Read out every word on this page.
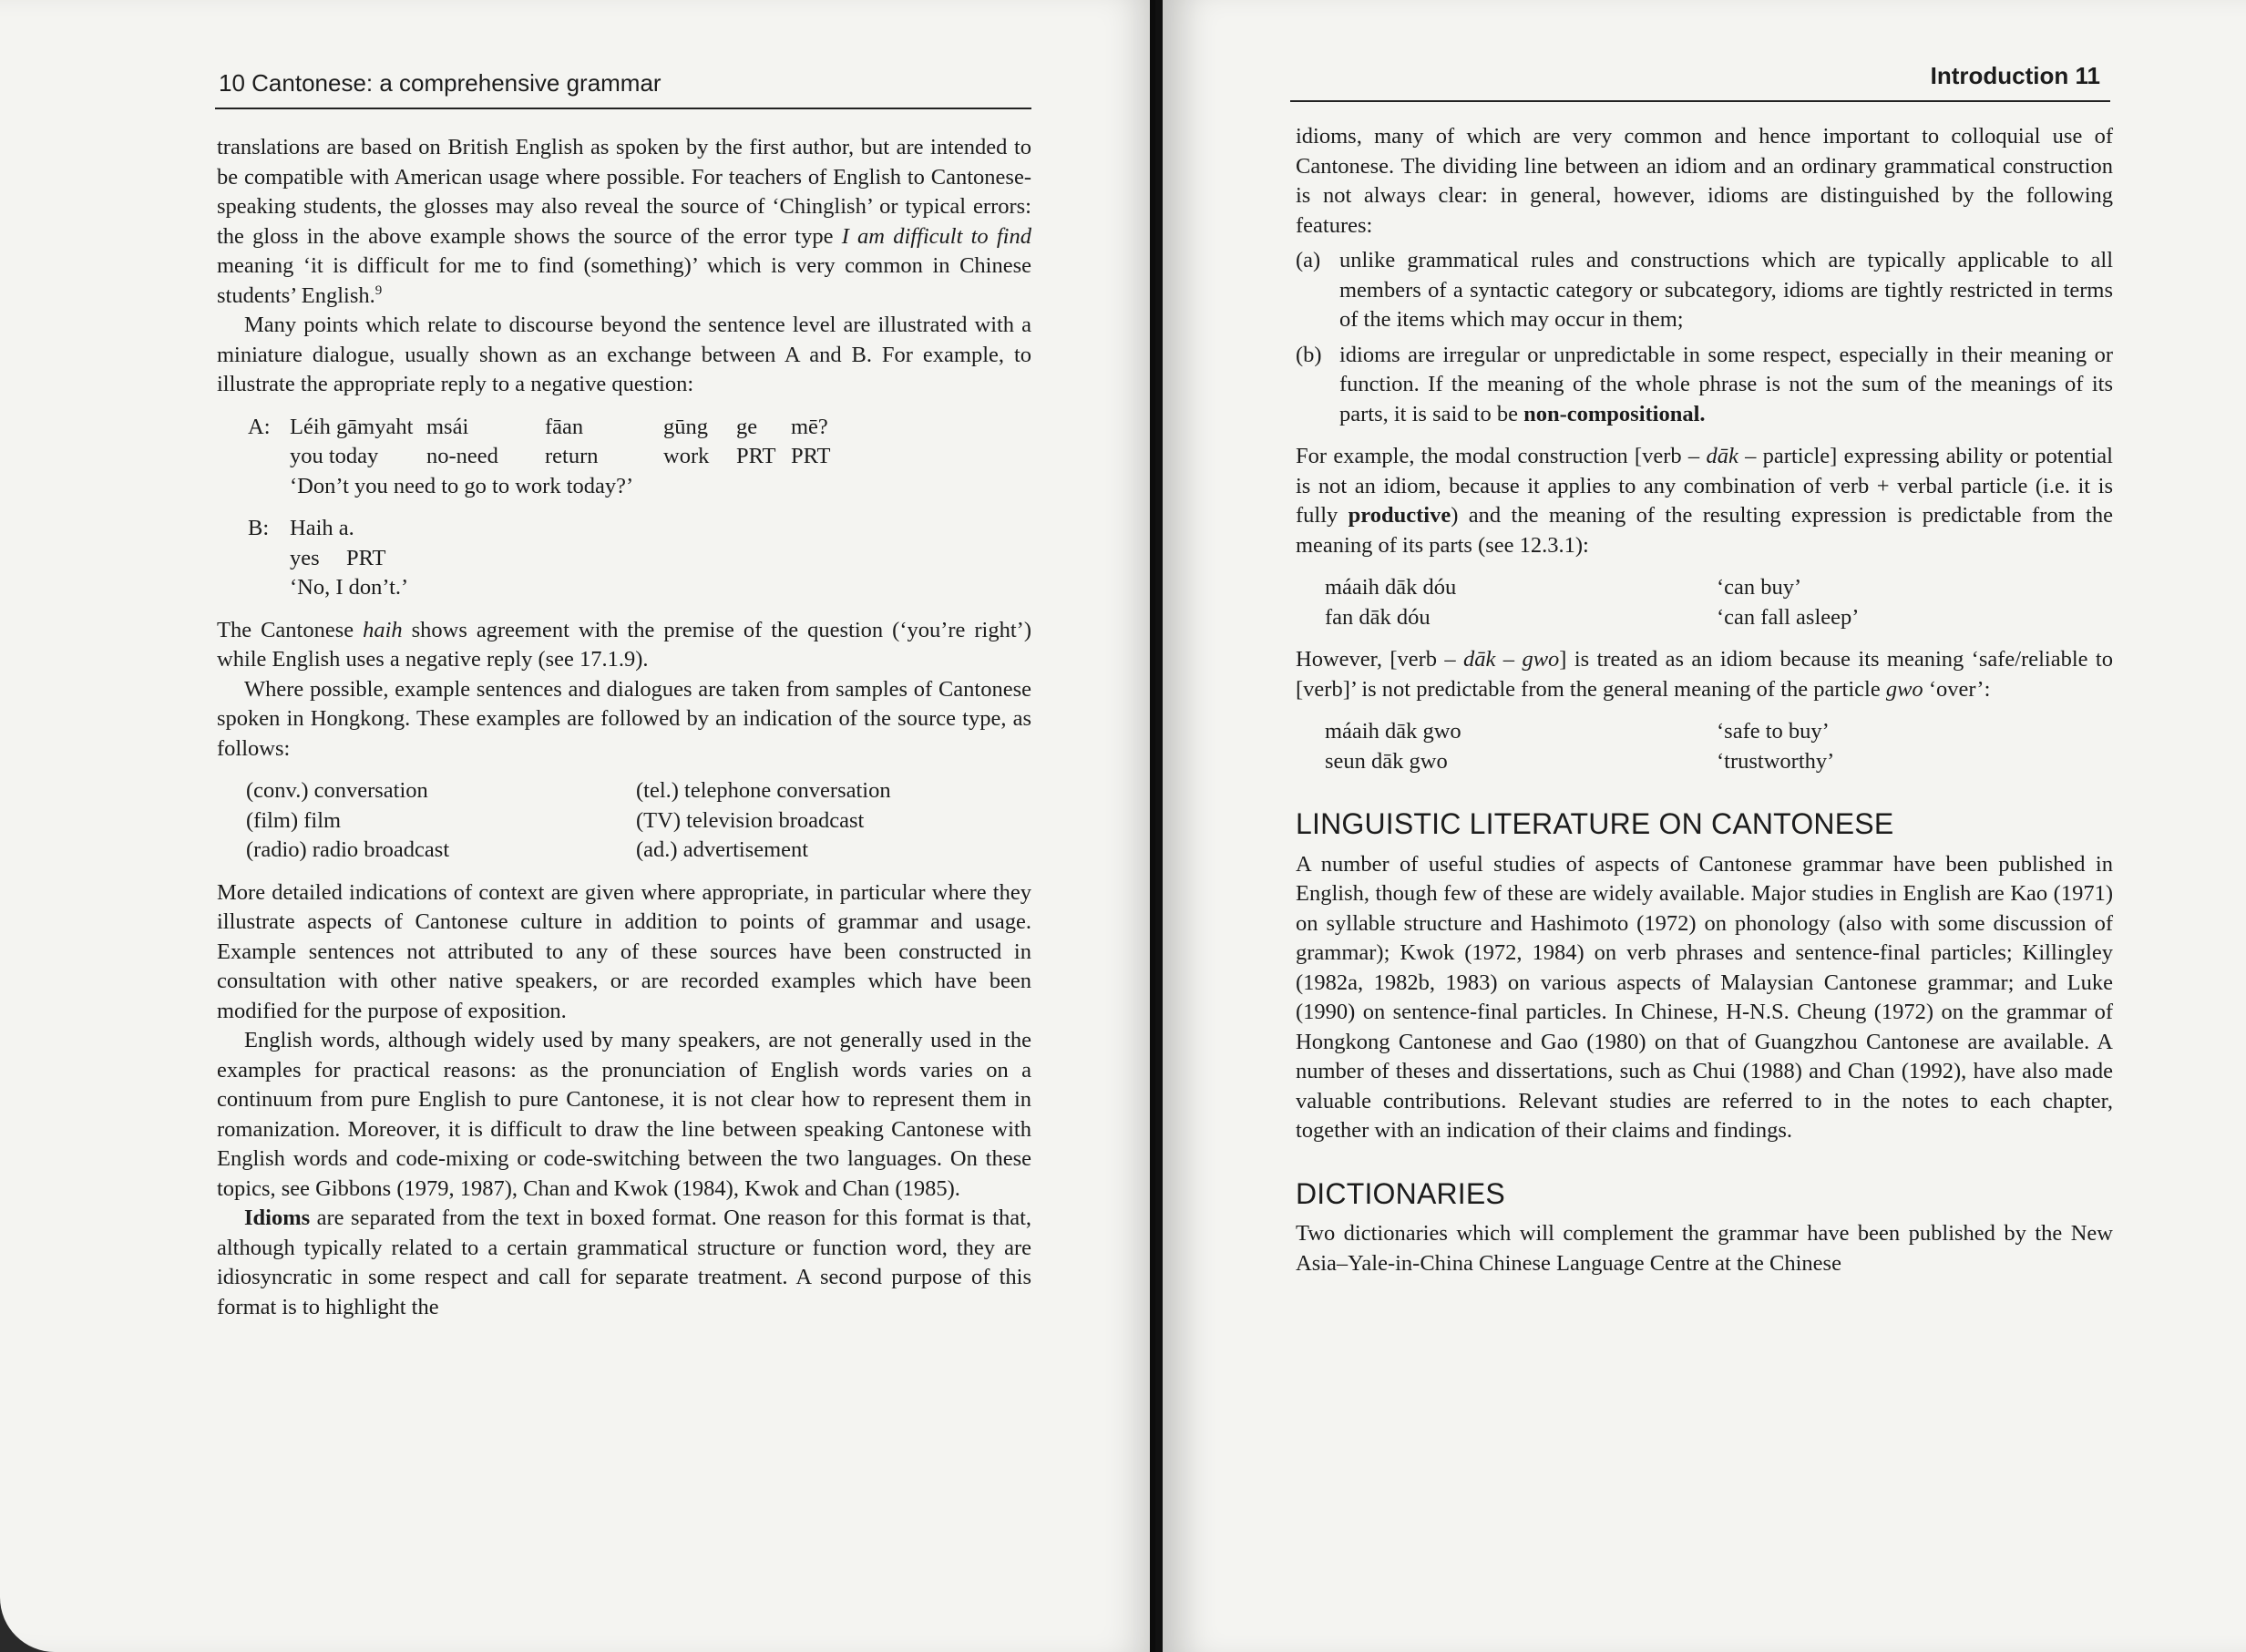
10 Cantonese: a comprehensive grammar

translations are based on British English as spoken by the first author, but are intended to be compatible with American usage where possible. For teachers of English to Cantonese-speaking students, the glosses may also reveal the source of ‘Chinglish’ or typical errors: the gloss in the above example shows the source of the error type I am difficult to find meaning ‘it is difficult for me to find (something)’ which is very common in Chinese students’ English.$^9$

Many points which relate to discourse beyond the sentence level are illustrated with a miniature dialogue, usually shown as an exchange between A and B. For example, to illustrate the appropriate reply to a negative question:

A: Léih gāmyaht msái	fāan	gūng	ge	mē?
you today	no-need	return	work	PRT PRT
‘Don’t you need to go to work today?’
B: Haih a.
yes	PRT
‘No, I don’t.’

The Cantonese haih shows agreement with the premise of the question (‘you’re right’) while English uses a negative reply (see 17.1.9).

Where possible, example sentences and dialogues are taken from samples of Cantonese spoken in Hongkong. These examples are followed by an indication of the source type, as follows:

(conv.) conversation	(tel.) telephone conversation
(film) film	(TV) television broadcast
(radio) radio broadcast	(ad.) advertisement

More detailed indications of context are given where appropriate, in particular where they illustrate aspects of Cantonese culture in addition to points of grammar and usage. Example sentences not attributed to any of these sources have been constructed in consultation with other native speakers, or are recorded examples which have been modified for the purpose of exposition.

English words, although widely used by many speakers, are not generally used in the examples for practical reasons: as the pronunciation of English words varies on a continuum from pure English to pure Cantonese, it is not clear how to represent them in romanization. Moreover, it is difficult to draw the line between speaking Cantonese with English words and code-mixing or code-switching between the two languages. On these topics, see Gibbons (1979, 1987), Chan and Kwok (1984), Kwok and Chan (1985).

Idioms are separated from the text in boxed format. One reason for this format is that, although typically related to a certain grammatical structure or function word, they are idiosyncratic in some respect and call for separate treatment. A second purpose of this format is to highlight the

Introduction 11

idioms, many of which are very common and hence important to colloquial use of Cantonese. The dividing line between an idiom and an ordinary grammatical construction is not always clear: in general, however, idioms are distinguished by the following features:

(a) unlike grammatical rules and constructions which are typically applicable to all members of a syntactic category or subcategory, idioms are tightly restricted in terms of the items which may occur in them;
(b) idioms are irregular or unpredictable in some respect, especially in their meaning or function. If the meaning of the whole phrase is not the sum of the meanings of its parts, it is said to be non-compositional.

For example, the modal construction [verb – dāk – particle] expressing ability or potential is not an idiom, because it applies to any combination of verb + verbal particle (i.e. it is fully productive) and the meaning of the resulting expression is predictable from the meaning of its parts (see 12.3.1):

máaih dāk dóu	‘can buy’
fan dāk dóu	‘can fall asleep’

However, [verb – dāk – gwo] is treated as an idiom because its meaning ‘safe/reliable to [verb]’ is not predictable from the general meaning of the particle gwo ‘over’:

máaih dāk gwo	‘safe to buy’
seun dāk gwo	‘trustworthy’
LINGUISTIC LITERATURE ON CANTONESE

A number of useful studies of aspects of Cantonese grammar have been published in English, though few of these are widely available. Major studies in English are Kao (1971) on syllable structure and Hashimoto (1972) on phonology (also with some discussion of grammar); Kwok (1972, 1984) on verb phrases and sentence-final particles; Killingley (1982a, 1982b, 1983) on various aspects of Malaysian Cantonese grammar; and Luke (1990) on sentence-final particles. In Chinese, H-N.S. Cheung (1972) on the grammar of Hongkong Cantonese and Gao (1980) on that of Guangzhou Cantonese are available. A number of theses and dissertations, such as Chui (1988) and Chan (1992), have also made valuable contributions. Relevant studies are referred to in the notes to each chapter, together with an indication of their claims and findings.

DICTIONARIES

Two dictionaries which will complement the grammar have been published by the New Asia–Yale-in-China Chinese Language Centre at the Chinese
